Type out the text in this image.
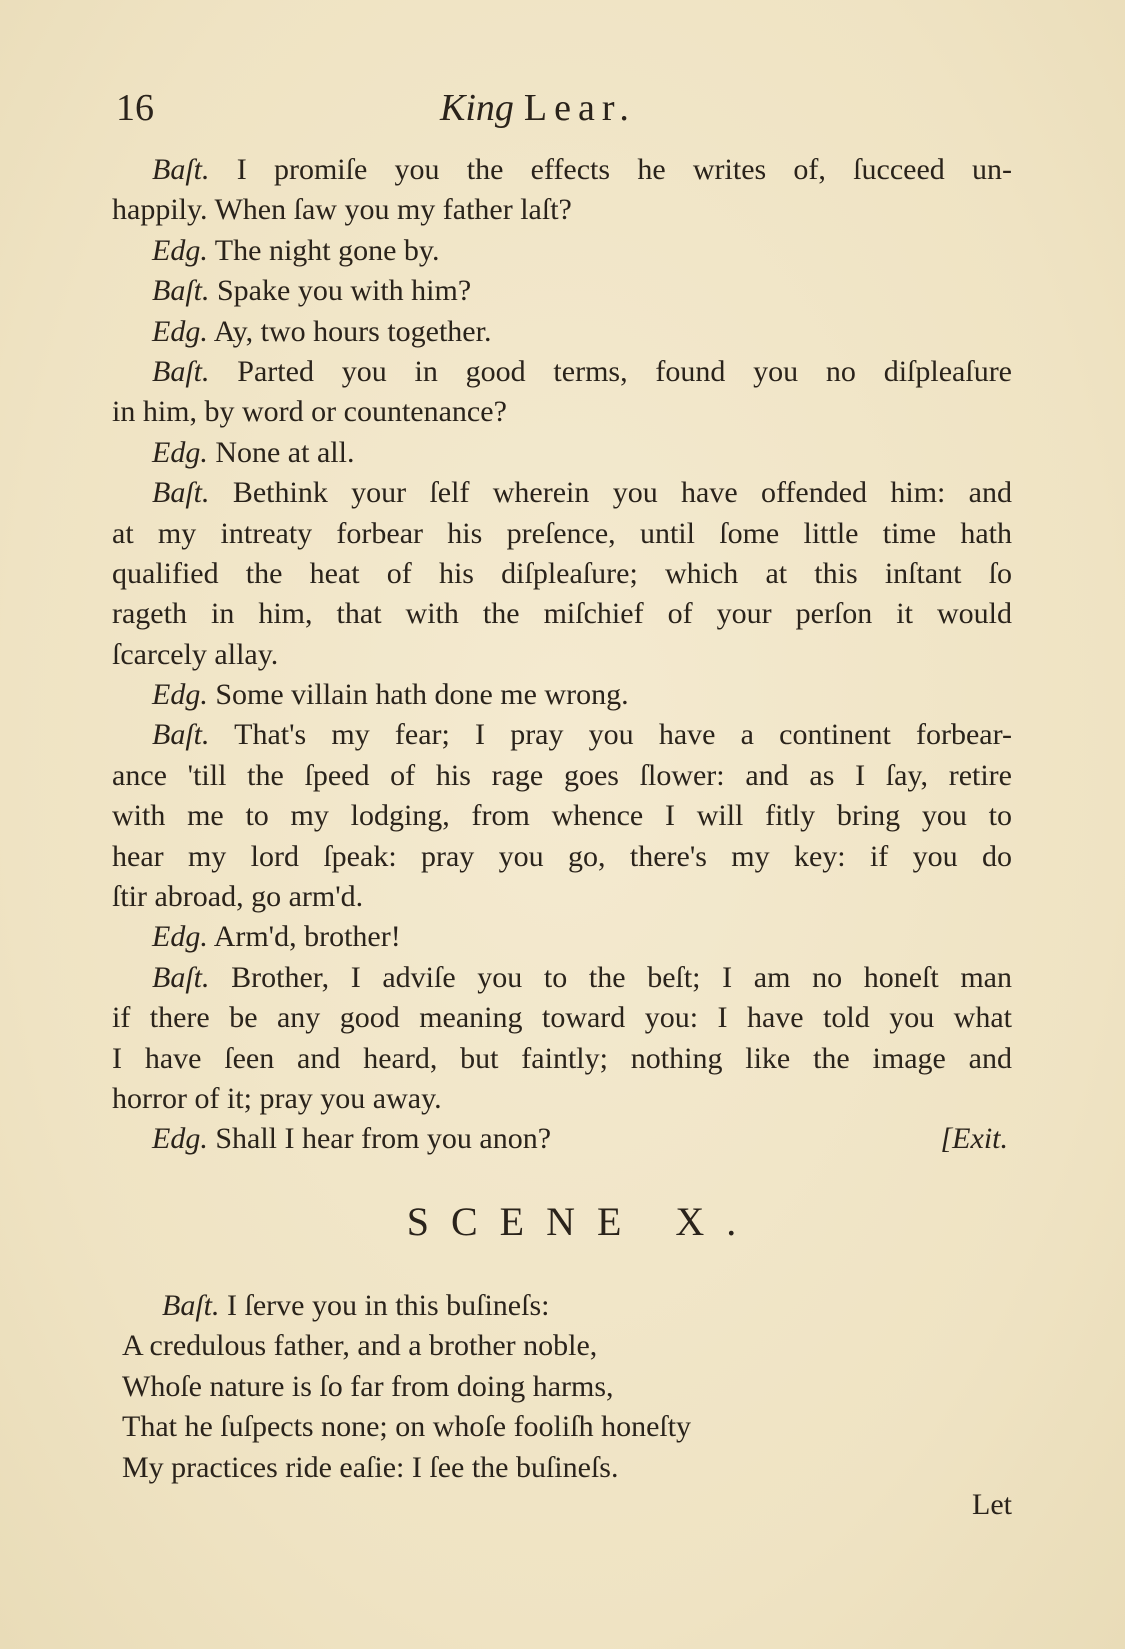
16	King Lear.
Baſt. I promiſe you the effects he writes of, ſucceed un-
happily. When ſaw you my father laſt?
Edg. The night gone by.
Baſt. Spake you with him?
Edg. Ay, two hours together.
Baſt. Parted you in good terms, found you no diſpleaſure
in him, by word or countenance?
Edg. None at all.
Baſt. Bethink your ſelf wherein you have offended him: and
at my intreaty forbear his preſence, until ſome little time hath
qualified the heat of his diſpleaſure; which at this inſtant ſo
rageth in him, that with the miſchief of your perſon it would
ſcarcely allay.
Edg. Some villain hath done me wrong.
Baſt. That's my fear; I pray you have a continent forbear-
ance 'till the ſpeed of his rage goes ſlower: and as I ſay, retire
with me to my lodging, from whence I will fitly bring you to
hear my lord ſpeak: pray you go, there's my key: if you do
ſtir abroad, go arm'd.
Edg. Arm'd, brother!
Baſt. Brother, I adviſe you to the beſt; I am no honeſt man
if there be any good meaning toward you: I have told you what
I have ſeen and heard, but faintly; nothing like the image and
horror of it; pray you away.
Edg. Shall I hear from you anon?	[Exit.
SCENE X.
Baſt. I ſerve you in this buſineſs:
A credulous father, and a brother noble,
Whoſe nature is ſo far from doing harms,
That he ſuſpects none; on whoſe fooliſh honeſty
My practices ride eaſie: I ſee the buſineſs.
Let
